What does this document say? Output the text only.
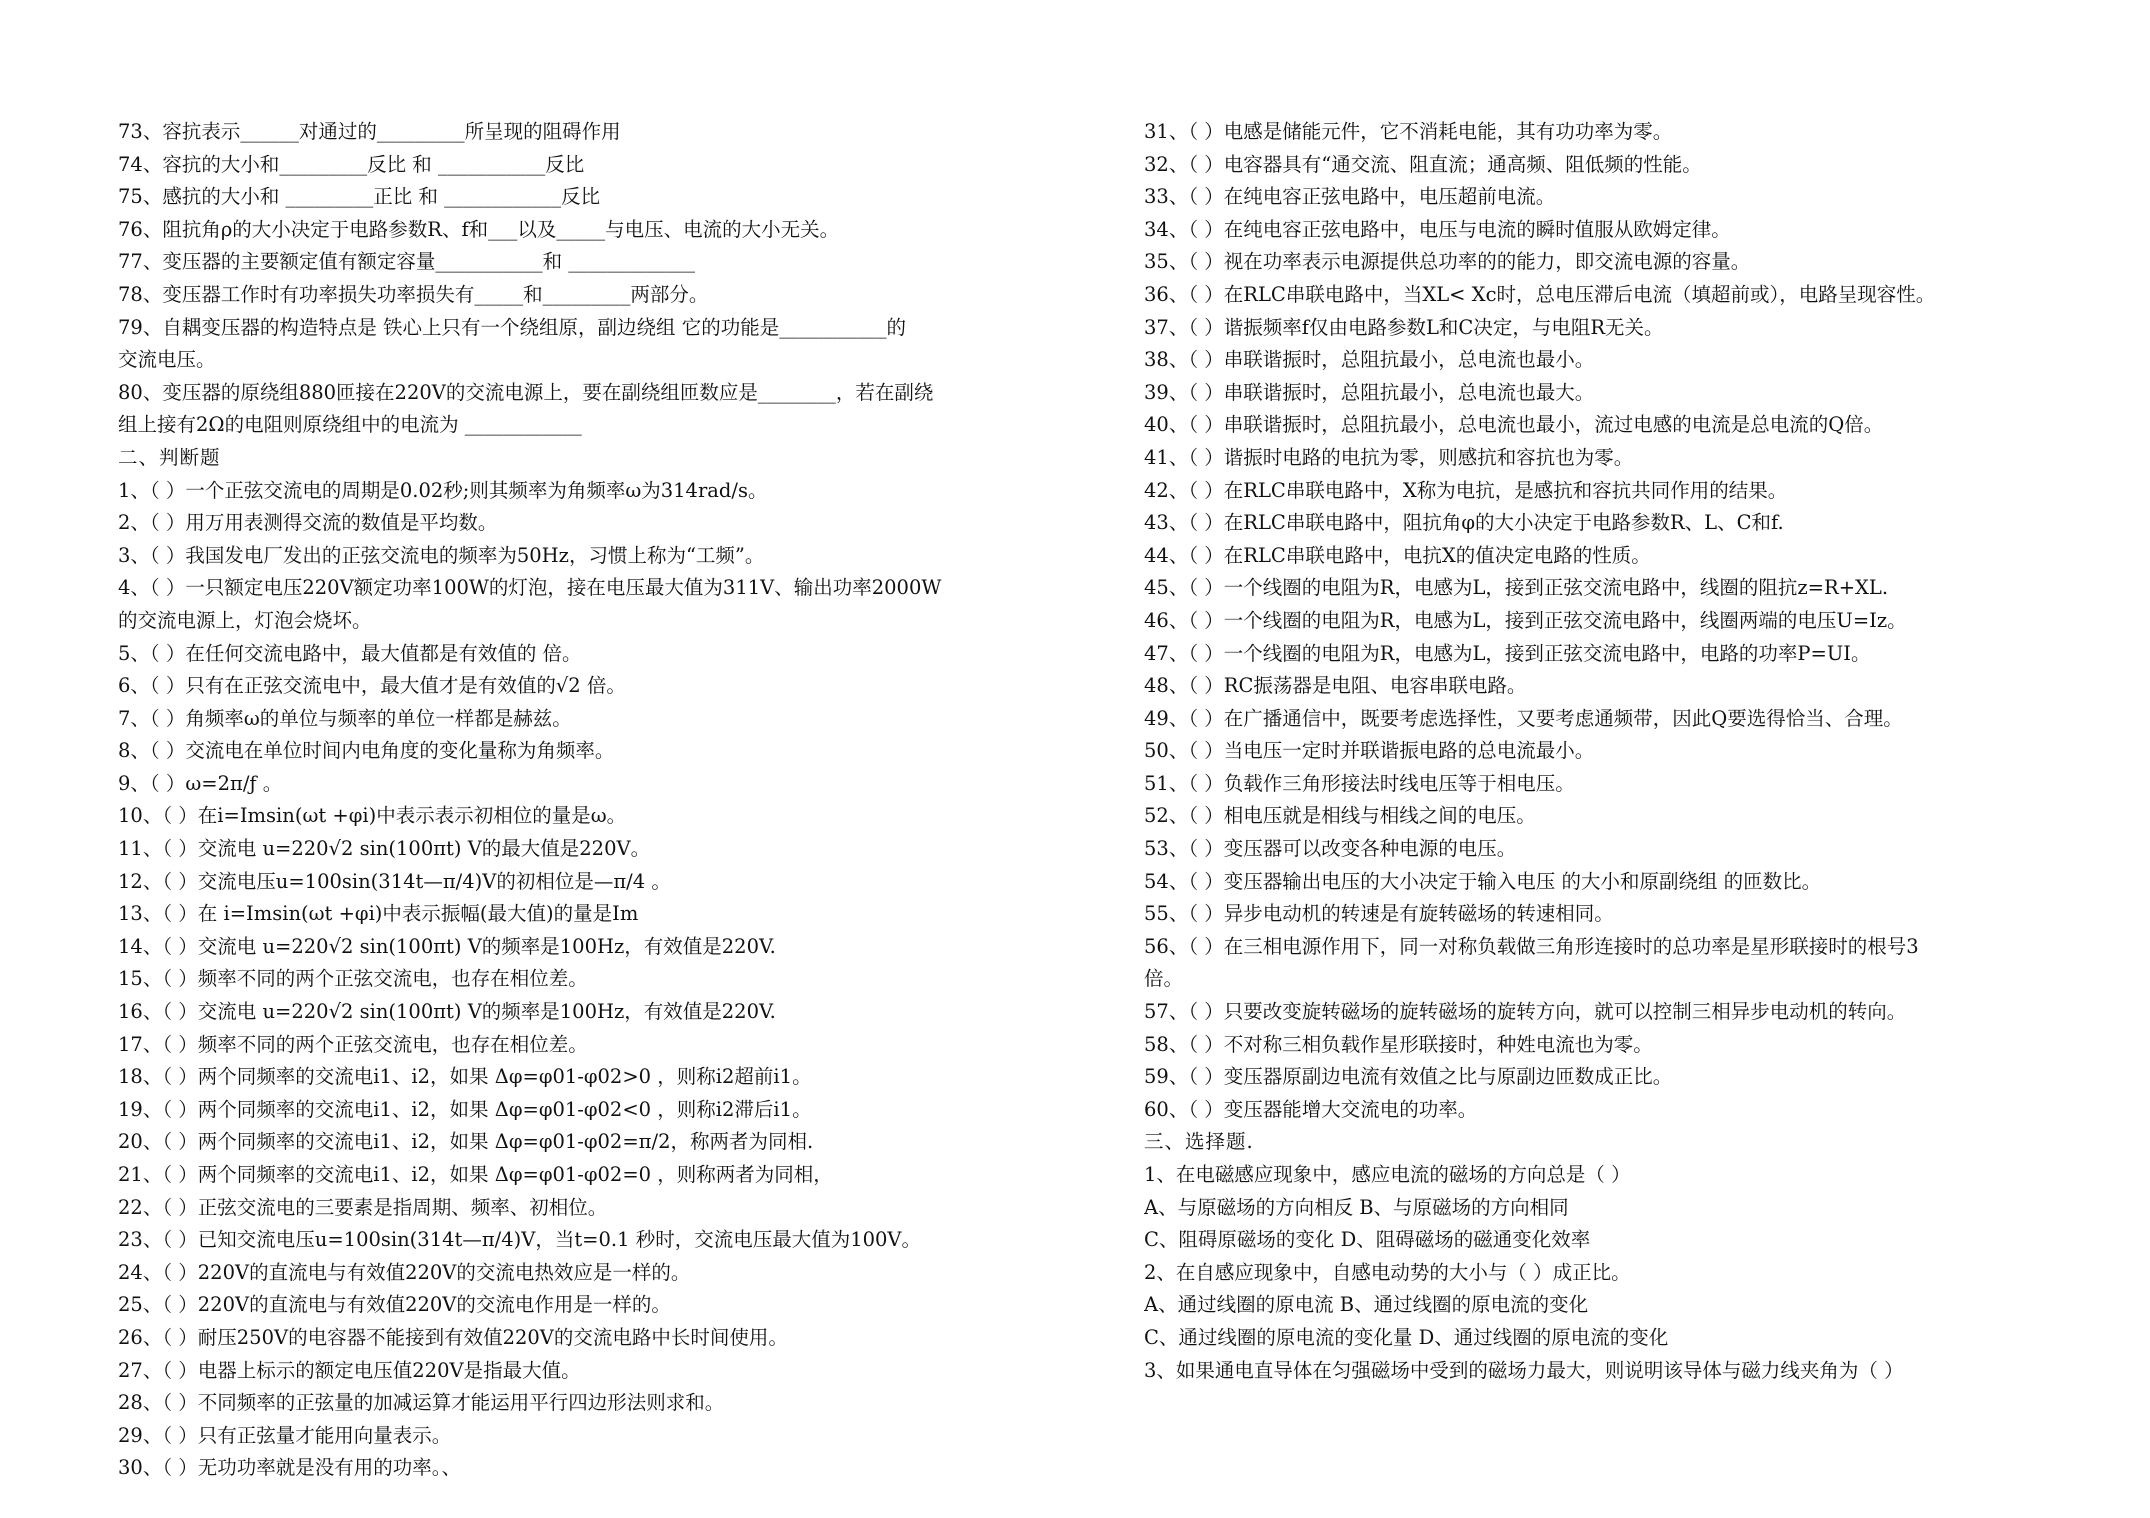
73、容抗表示______对通过的_________所呈现的阻碍作用
74、容抗的大小和_________反比 和 ___________反比
75、感抗的大小和 _________正比 和 ____________反比
76、阻抗角ρ的大小决定于电路参数R、f和___以及_____与电压、电流的大小无关。
77、变压器的主要额定值有额定容量___________和 _____________
78、变压器工作时有功率损失功率损失有_____和_________两部分。
79、自耦变压器的构造特点是 铁心上只有一个绕组原，副边绕组 它的功能是___________的
交流电压。
80、变压器的原绕组880匝接在220V的交流电源上，要在副绕组匝数应是________，若在副绕
组上接有2Ω的电阻则原绕组中的电流为 ____________
二、判断题
1、（ ）一个正弦交流电的周期是0.02秒;则其频率为角频率ω为314rad/s。
2、（ ）用万用表测得交流的数值是平均数。
3、（ ）我国发电厂发出的正弦交流电的频率为50Hz，习惯上称为“工频”。
4、（ ）一只额定电压220V额定功率100W的灯泡，接在电压最大值为311V、输出功率2000W
的交流电源上，灯泡会烧坏。
5、（ ）在任何交流电路中，最大值都是有效值的 倍。
6、（ ）只有在正弦交流电中，最大值才是有效值的√2 倍。
7、（ ）角频率ω的单位与频率的单位一样都是赫兹。
8、（ ）交流电在单位时间内电角度的变化量称为角频率。
9、（ ）ω=2π/ƒ 。
10、（ ）在i=Imsin(ωt +φi)中表示表示初相位的量是ω。
11、（ ）交流电 u=220√2 sin(100πt) V的最大值是220V。
12、（ ）交流电压u=100sin(314t—π/4)V的初相位是—π/4 。
13、（ ）在 i=Imsin(ωt +φi)中表示振幅(最大值)的量是Im
14、（ ）交流电 u=220√2 sin(100πt) V的频率是100Hz，有效值是220V.
15、（ ）频率不同的两个正弦交流电，也存在相位差。
16、（ ）交流电 u=220√2 sin(100πt) V的频率是100Hz，有效值是220V.
17、（ ）频率不同的两个正弦交流电，也存在相位差。
18、（ ）两个同频率的交流电i1、i2，如果 Δφ=φ01-φ02>0 ，则称i2超前i1。
19、（ ）两个同频率的交流电i1、i2，如果 Δφ=φ01-φ02<0 ，则称i2滞后i1。
20、（ ）两个同频率的交流电i1、i2，如果 Δφ=φ01-φ02=π/2，称两者为同相.
21、（ ）两个同频率的交流电i1、i2，如果 Δφ=φ01-φ02=0 ，则称两者为同相，
22、（ ）正弦交流电的三要素是指周期、频率、初相位。
23、（ ）已知交流电压u=100sin(314t—π/4)V，当t=0.1 秒时，交流电压最大值为100V。
24、（ ）220V的直流电与有效值220V的交流电热效应是一样的。
25、（ ）220V的直流电与有效值220V的交流电作用是一样的。
26、（ ）耐压250V的电容器不能接到有效值220V的交流电路中长时间使用。
27、（ ）电器上标示的额定电压值220V是指最大值。
28、（ ）不同频率的正弦量的加减运算才能运用平行四边形法则求和。
29、（ ）只有正弦量才能用向量表示。
30、（ ）无功功率就是没有用的功率。、
31、（ ）电感是储能元件，它不消耗电能，其有功功率为零。
32、（ ）电容器具有“通交流、阻直流；通高频、阻低频的性能。
33、（ ）在纯电容正弦电路中，电压超前电流。
34、（ ）在纯电容正弦电路中，电压与电流的瞬时值服从欧姆定律。
35、（ ）视在功率表示电源提供总功率的的能力，即交流电源的容量。
36、（ ）在RLC串联电路中，当XL< Xc时，总电压滞后电流（填超前或），电路呈现容性。
37、（ ）谐振频率f仅由电路参数L和C决定，与电阻R无关。
38、（ ）串联谐振时，总阻抗最小，总电流也最小。
39、（ ）串联谐振时，总阻抗最小，总电流也最大。
40、（ ）串联谐振时，总阻抗最小，总电流也最小，流过电感的电流是总电流的Q倍。
41、（ ）谐振时电路的电抗为零，则感抗和容抗也为零。
42、（ ）在RLC串联电路中，X称为电抗，是感抗和容抗共同作用的结果。
43、（ ）在RLC串联电路中，阻抗角φ的大小决定于电路参数R、L、C和f.
44、（ ）在RLC串联电路中，电抗X的值决定电路的性质。
45、（ ）一个线圈的电阻为R，电感为L，接到正弦交流电路中，线圈的阻抗z=R+XL.
46、（ ）一个线圈的电阻为R，电感为L，接到正弦交流电路中，线圈两端的电压U=Iz。
47、（ ）一个线圈的电阻为R，电感为L，接到正弦交流电路中，电路的功率P=UI。
48、（ ）RC振荡器是电阻、电容串联电路。
49、（ ）在广播通信中，既要考虑选择性，又要考虑通频带，因此Q要选得恰当、合理。
50、（ ）当电压一定时并联谐振电路的总电流最小。
51、（ ）负载作三角形接法时线电压等于相电压。
52、（ ）相电压就是相线与相线之间的电压。
53、（ ）变压器可以改变各种电源的电压。
54、（ ）变压器输出电压的大小决定于输入电压 的大小和原副绕组 的匝数比。
55、（ ）异步电动机的转速是有旋转磁场的转速相同。
56、（ ）在三相电源作用下，同一对称负载做三角形连接时的总功率是星形联接时的根号3
倍。
57、（ ）只要改变旋转磁场的旋转磁场的旋转方向，就可以控制三相异步电动机的转向。
58、（ ）不对称三相负载作星形联接时，种姓电流也为零。
59、（ ）变压器原副边电流有效值之比与原副边匝数成正比。
60、（ ）变压器能增大交流电的功率。
三、选择题.
1、在电磁感应现象中，感应电流的磁场的方向总是（ ）
A、与原磁场的方向相反 B、与原磁场的方向相同
C、阻碍原磁场的变化 D、阻碍磁场的磁通变化效率
2、在自感应现象中，自感电动势的大小与（ ）成正比。
A、通过线圈的原电流 B、通过线圈的原电流的变化
C、通过线圈的原电流的变化量 D、通过线圈的原电流的变化
3、如果通电直导体在匀强磁场中受到的磁场力最大，则说明该导体与磁力线夹角为（ ）
